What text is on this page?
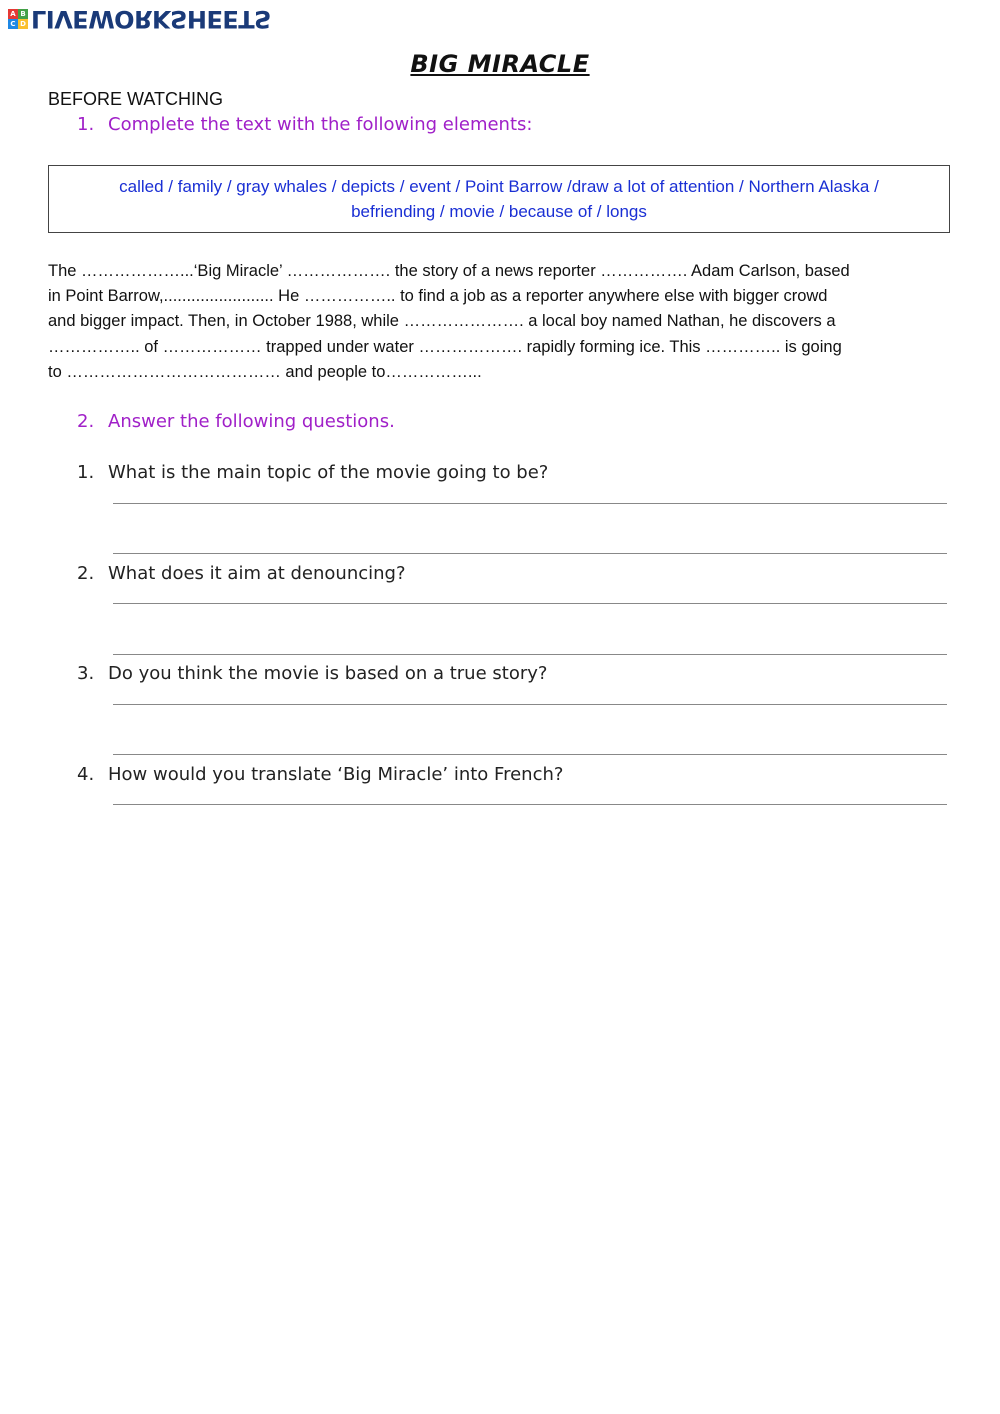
A B
C D LIVEWORKSHEETS
BIG MIRACLE
BEFORE WATCHING
1. Complete the text with the following elements:
called / family / gray whales / depicts / event / Point Barrow /draw a lot of attention / Northern Alaska / befriending / movie / because of / longs
The ………………...‘Big Miracle’ ………………. the story of a news reporter ……………. Adam Carlson, based
in Point Barrow,........................ He …………….. to find a job as a reporter anywhere else with bigger crowd
and bigger impact. Then, in October 1988, while …………………. a local boy named Nathan, he discovers a
…………….. of ……………… trapped under water ………………. rapidly forming ice. This ………….. is going
to ………………………………… and people to……………...
2. Answer the following questions.
1. What is the main topic of the movie going to be?
2. What does it aim at denouncing?
3. Do you think the movie is based on a true story?
4. How would you translate ‘Big Miracle’ into French?
